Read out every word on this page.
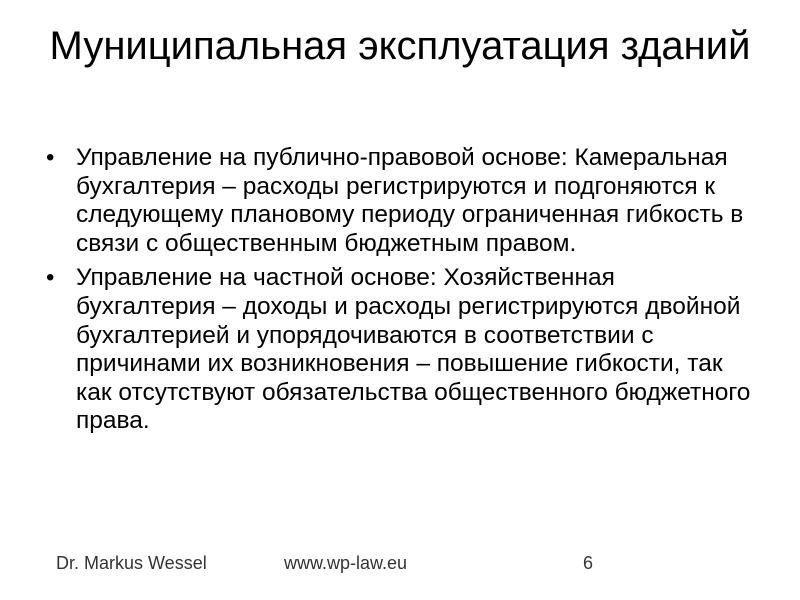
Муниципальная эксплуатация зданий
• Управление на публично-правовой основе: Камеральная бухгалтерия – расходы регистрируются и подгоняются к следующему плановому периоду ограниченная гибкость в связи с общественным бюджетным правом.
• Управление на частной основе: Хозяйственная бухгалтерия – доходы и расходы регистрируются двойной бухгалтерией и упорядочиваются в соответствии с причинами их возникновения – повышение гибкости, так как отсутствуют обязательства общественного бюджетного права.
Dr. Markus Wessel	www.wp-law.eu	6
